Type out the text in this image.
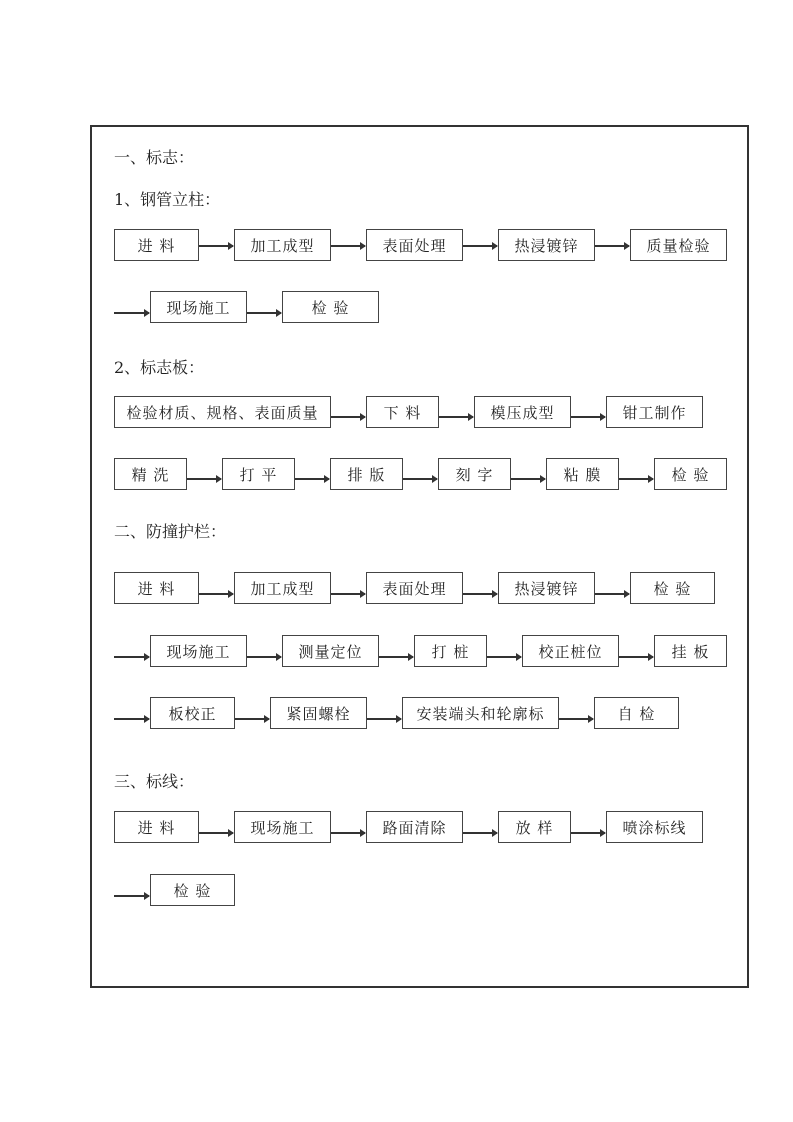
一、标志：
1、钢管立柱：
进 料	加工成型	表面处理	热浸镀锌	质量检验
现场施工	检 验
2、标志板：
检验材质、规格、表面质量	下 料	模压成型	钳工制作
精 洗	打 平	排 版	刻 字	粘 膜	检 验
二、防撞护栏：
进 料	加工成型	表面处理	热浸镀锌	检 验
现场施工	测量定位	打 桩	校正桩位	挂 板
板校正	紧固螺栓	安装端头和轮廓标	自 检
三、标线：
进 料	现场施工	路面清除	放 样	喷涂标线
检 验
